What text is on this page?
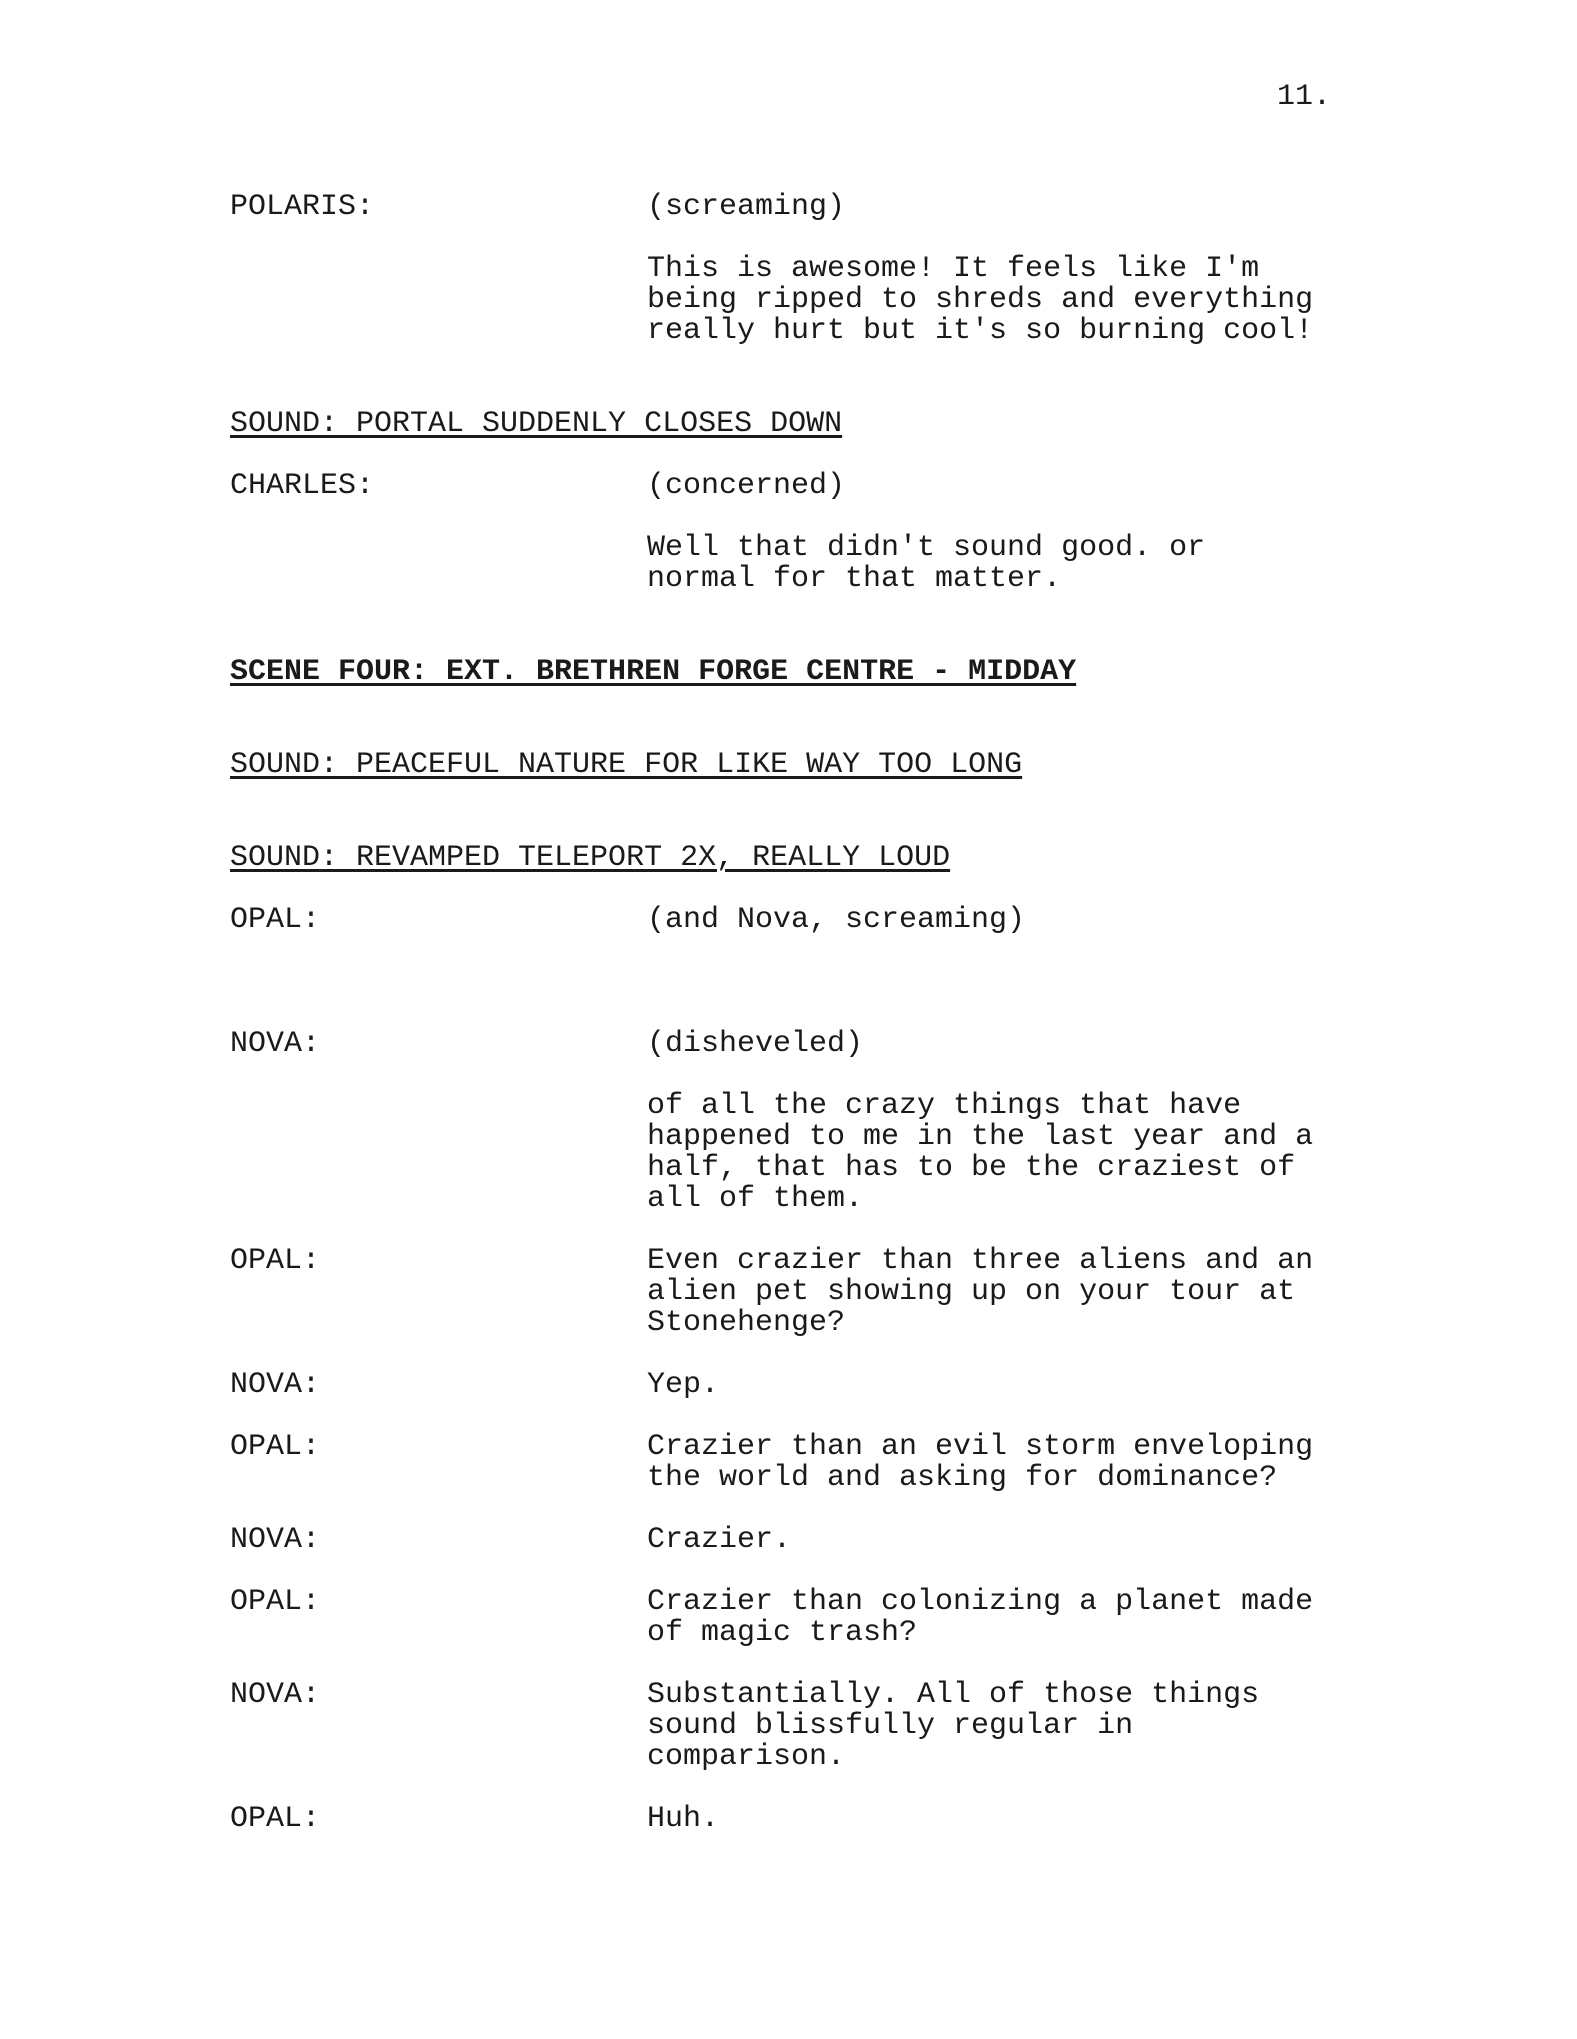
11.
POLARIS:	(screaming)
This is awesome! It feels like I'm
being ripped to shreds and everything
really hurt but it's so burning cool!
SOUND: PORTAL SUDDENLY CLOSES DOWN
CHARLES:	(concerned)
Well that didn't sound good. or
normal for that matter.
SCENE FOUR: EXT. BRETHREN FORGE CENTRE - MIDDAY
SOUND: PEACEFUL NATURE FOR LIKE WAY TOO LONG
SOUND: REVAMPED TELEPORT 2X, REALLY LOUD
OPAL:	(and Nova, screaming)
NOVA:	(disheveled)
of all the crazy things that have
happened to me in the last year and a
half, that has to be the craziest of
all of them.
OPAL:	Even crazier than three aliens and an
alien pet showing up on your tour at
Stonehenge?
NOVA:	Yep.
OPAL:	Crazier than an evil storm enveloping
the world and asking for dominance?
NOVA:	Crazier.
OPAL:	Crazier than colonizing a planet made
of magic trash?
NOVA:	Substantially. All of those things
sound blissfully regular in
comparison.
OPAL:	Huh.
